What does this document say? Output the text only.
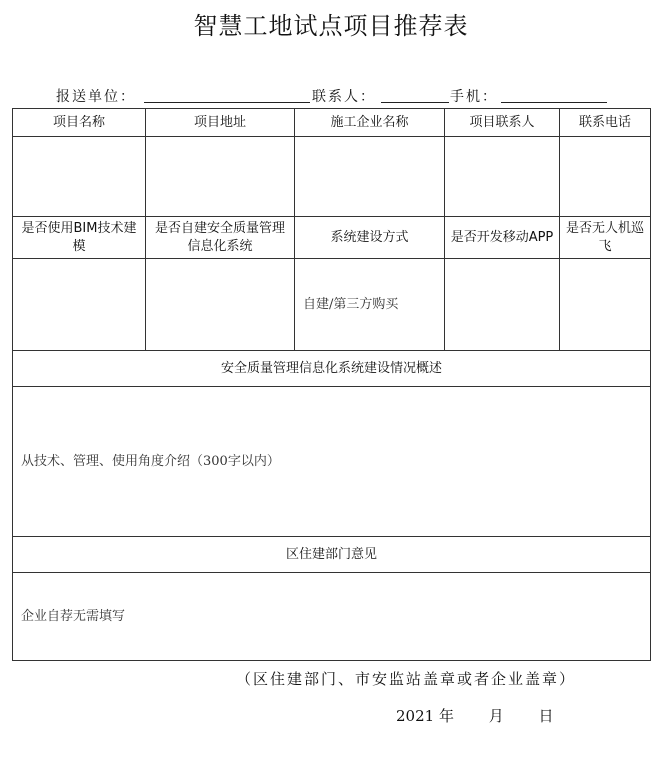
智慧工地试点项目推荐表
报送单位：	联系人：	手机：
项目名称	项目地址	施工企业名称	项目联系人	联系电话

是否使用BIM技术建模	是否自建安全质量管理信息化系统	系统建设方式	是否开发移动APP	是否无人机巡飞
		自建/第三方购买		
安全质量管理信息化系统建设情况概述				
从技术、管理、使用角度介绍（300字以内）				
区住建部门意见				
企业自荐无需填写				
（区住建部门、市安监站盖章或者企业盖章）
2021 年 月 日
